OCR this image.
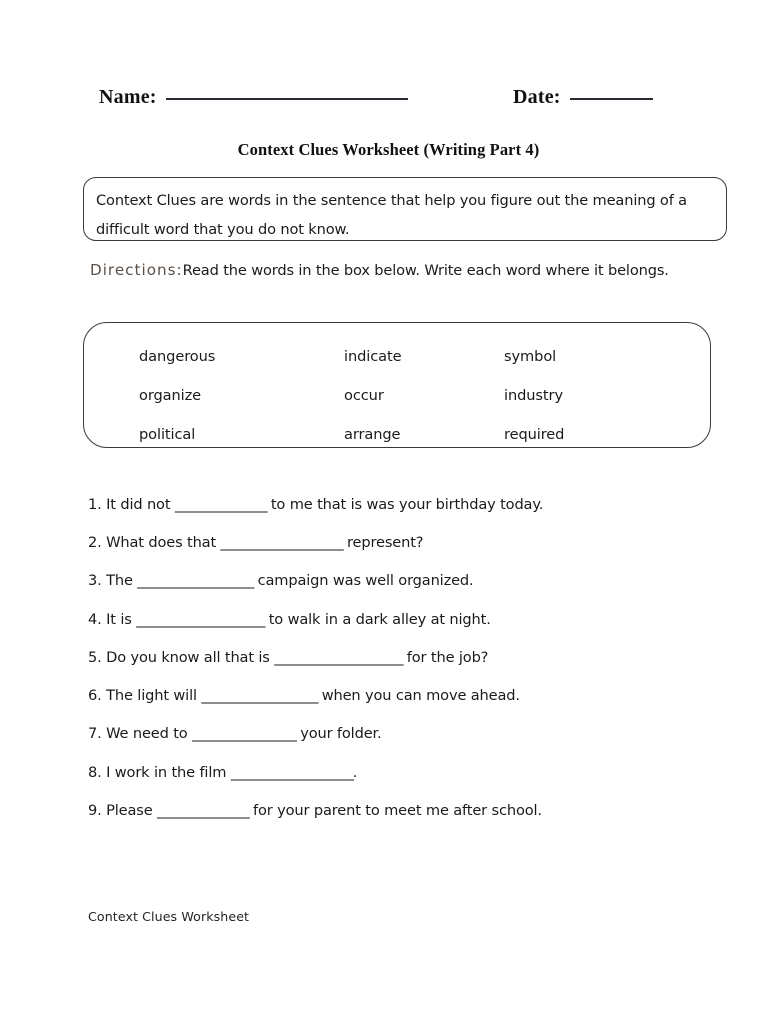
Name:	Date:
Context Clues Worksheet (Writing Part 4)
Context Clues are words in the sentence that help you figure out the meaning of a difficult word that you do not know.
Directions:Read the words in the box below. Write each word where it belongs.
dangerous	indicate	symbol
organize	occur	industry
political	arrange	required
1. It did not _______________ to me that is was your birthday today.
2. What does that ____________________ represent?
3. The ___________________ campaign was well organized.
4. It is _____________________ to walk in a dark alley at night.
5. Do you know all that is _____________________ for the job?
6. The light will ___________________ when you can move ahead.
7. We need to _________________ your folder.
8. I work in the film ____________________ .
9. Please _______________ for your parent to meet me after school.
Context Clues Worksheet
